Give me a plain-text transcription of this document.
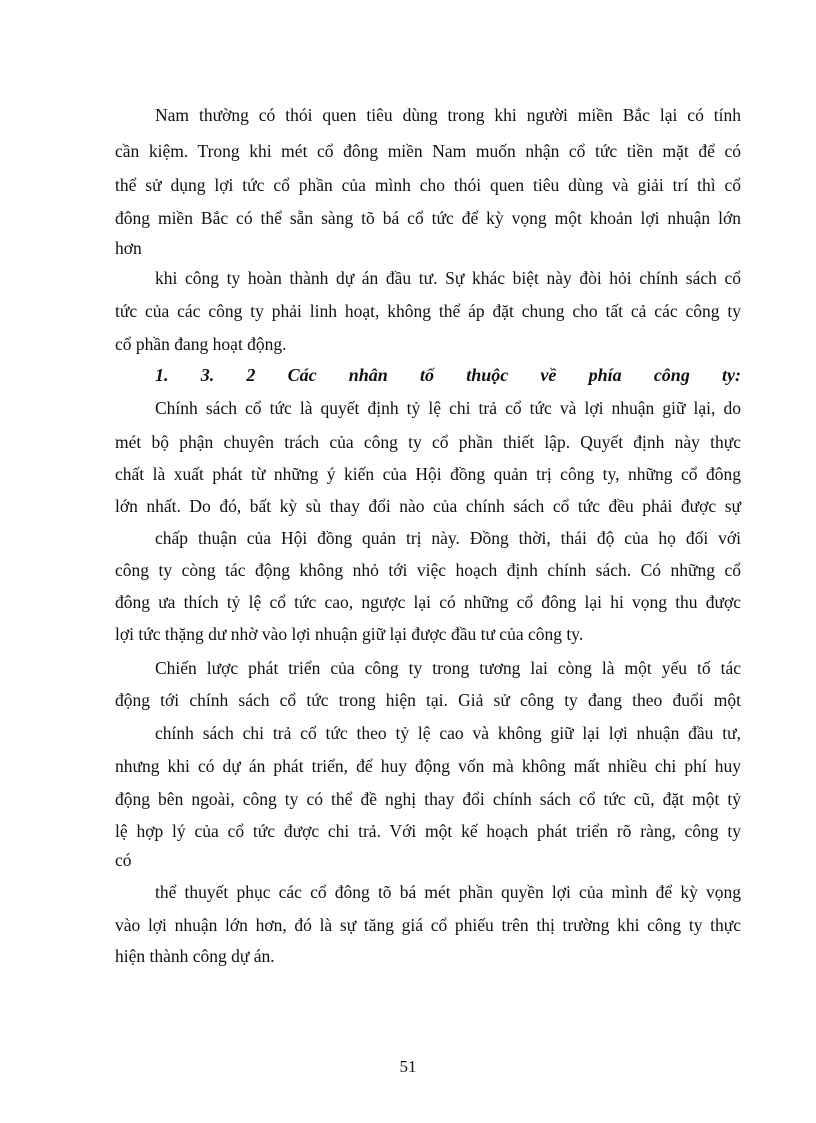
Nam thường có thói quen tiêu dùng trong khi người miền Bắc lại có tính
cần kiệm. Trong khi mét cổ đông miền Nam muốn nhận cổ tức tiền mặt để có
thể sử dụng lợi tức cổ phần của mình cho thói quen tiêu dùng và giải trí thì cổ
đông miền Bắc có thể sẵn sàng tõ bá cổ tức để kỳ vọng một khoản lợi nhuận lớn
hơn
khi công ty hoàn thành dự án đầu tư. Sự khác biệt này đòi hỏi chính sách cổ
tức của các công ty phải linh hoạt, không thể áp đặt chung cho tất cả các công ty
cổ phần đang hoạt động.
1. 3. 2 Các nhân tố thuộc về phía công ty:
Chính sách cổ tức là quyết định tỷ lệ chi trả cổ tức và lợi nhuận giữ lại, do
mét bộ phận chuyên trách của công ty cổ phần thiết lập. Quyết định này thực
chất là xuất phát từ những ý kiến của Hội đồng quản trị công ty, những cổ đông
lớn nhất. Do đó, bất kỳ sù thay đổi nào của chính sách cổ tức đều phải được sự
chấp thuận của Hội đồng quản trị này. Đồng thời, thái độ của họ đối với
công ty còng tác động không nhỏ tới việc hoạch định chính sách. Có những cổ
đông ưa thích tỷ lệ cổ tức cao, ngược lại có những cổ đông lại hi vọng thu được
lợi tức thặng dư nhờ vào lợi nhuận giữ lại được đầu tư của công ty.
Chiến lược phát triển của công ty trong tương lai còng là một yếu tố tác
động tới chính sách cổ tức trong hiện tại. Giả sử công ty đang theo đuổi một
chính sách chi trả cổ tức theo tỷ lệ cao và không giữ lại lợi nhuận đầu tư,
nhưng khi có dự án phát triển, để huy động vốn mà không mất nhiều chi phí huy
động bên ngoài, công ty có thể đề nghị thay đổi chính sách cổ tức cũ, đặt một tỷ
lệ hợp lý của cổ tức được chi trả. Với một kế hoạch phát triển rõ ràng, công ty
có
thể thuyết phục các cổ đông tõ bá mét phần quyền lợi của mình để kỳ vọng
vào lợi nhuận lớn hơn, đó là sự tăng giá cổ phiếu trên thị trường khi công ty thực
hiện thành công dự án.
51
